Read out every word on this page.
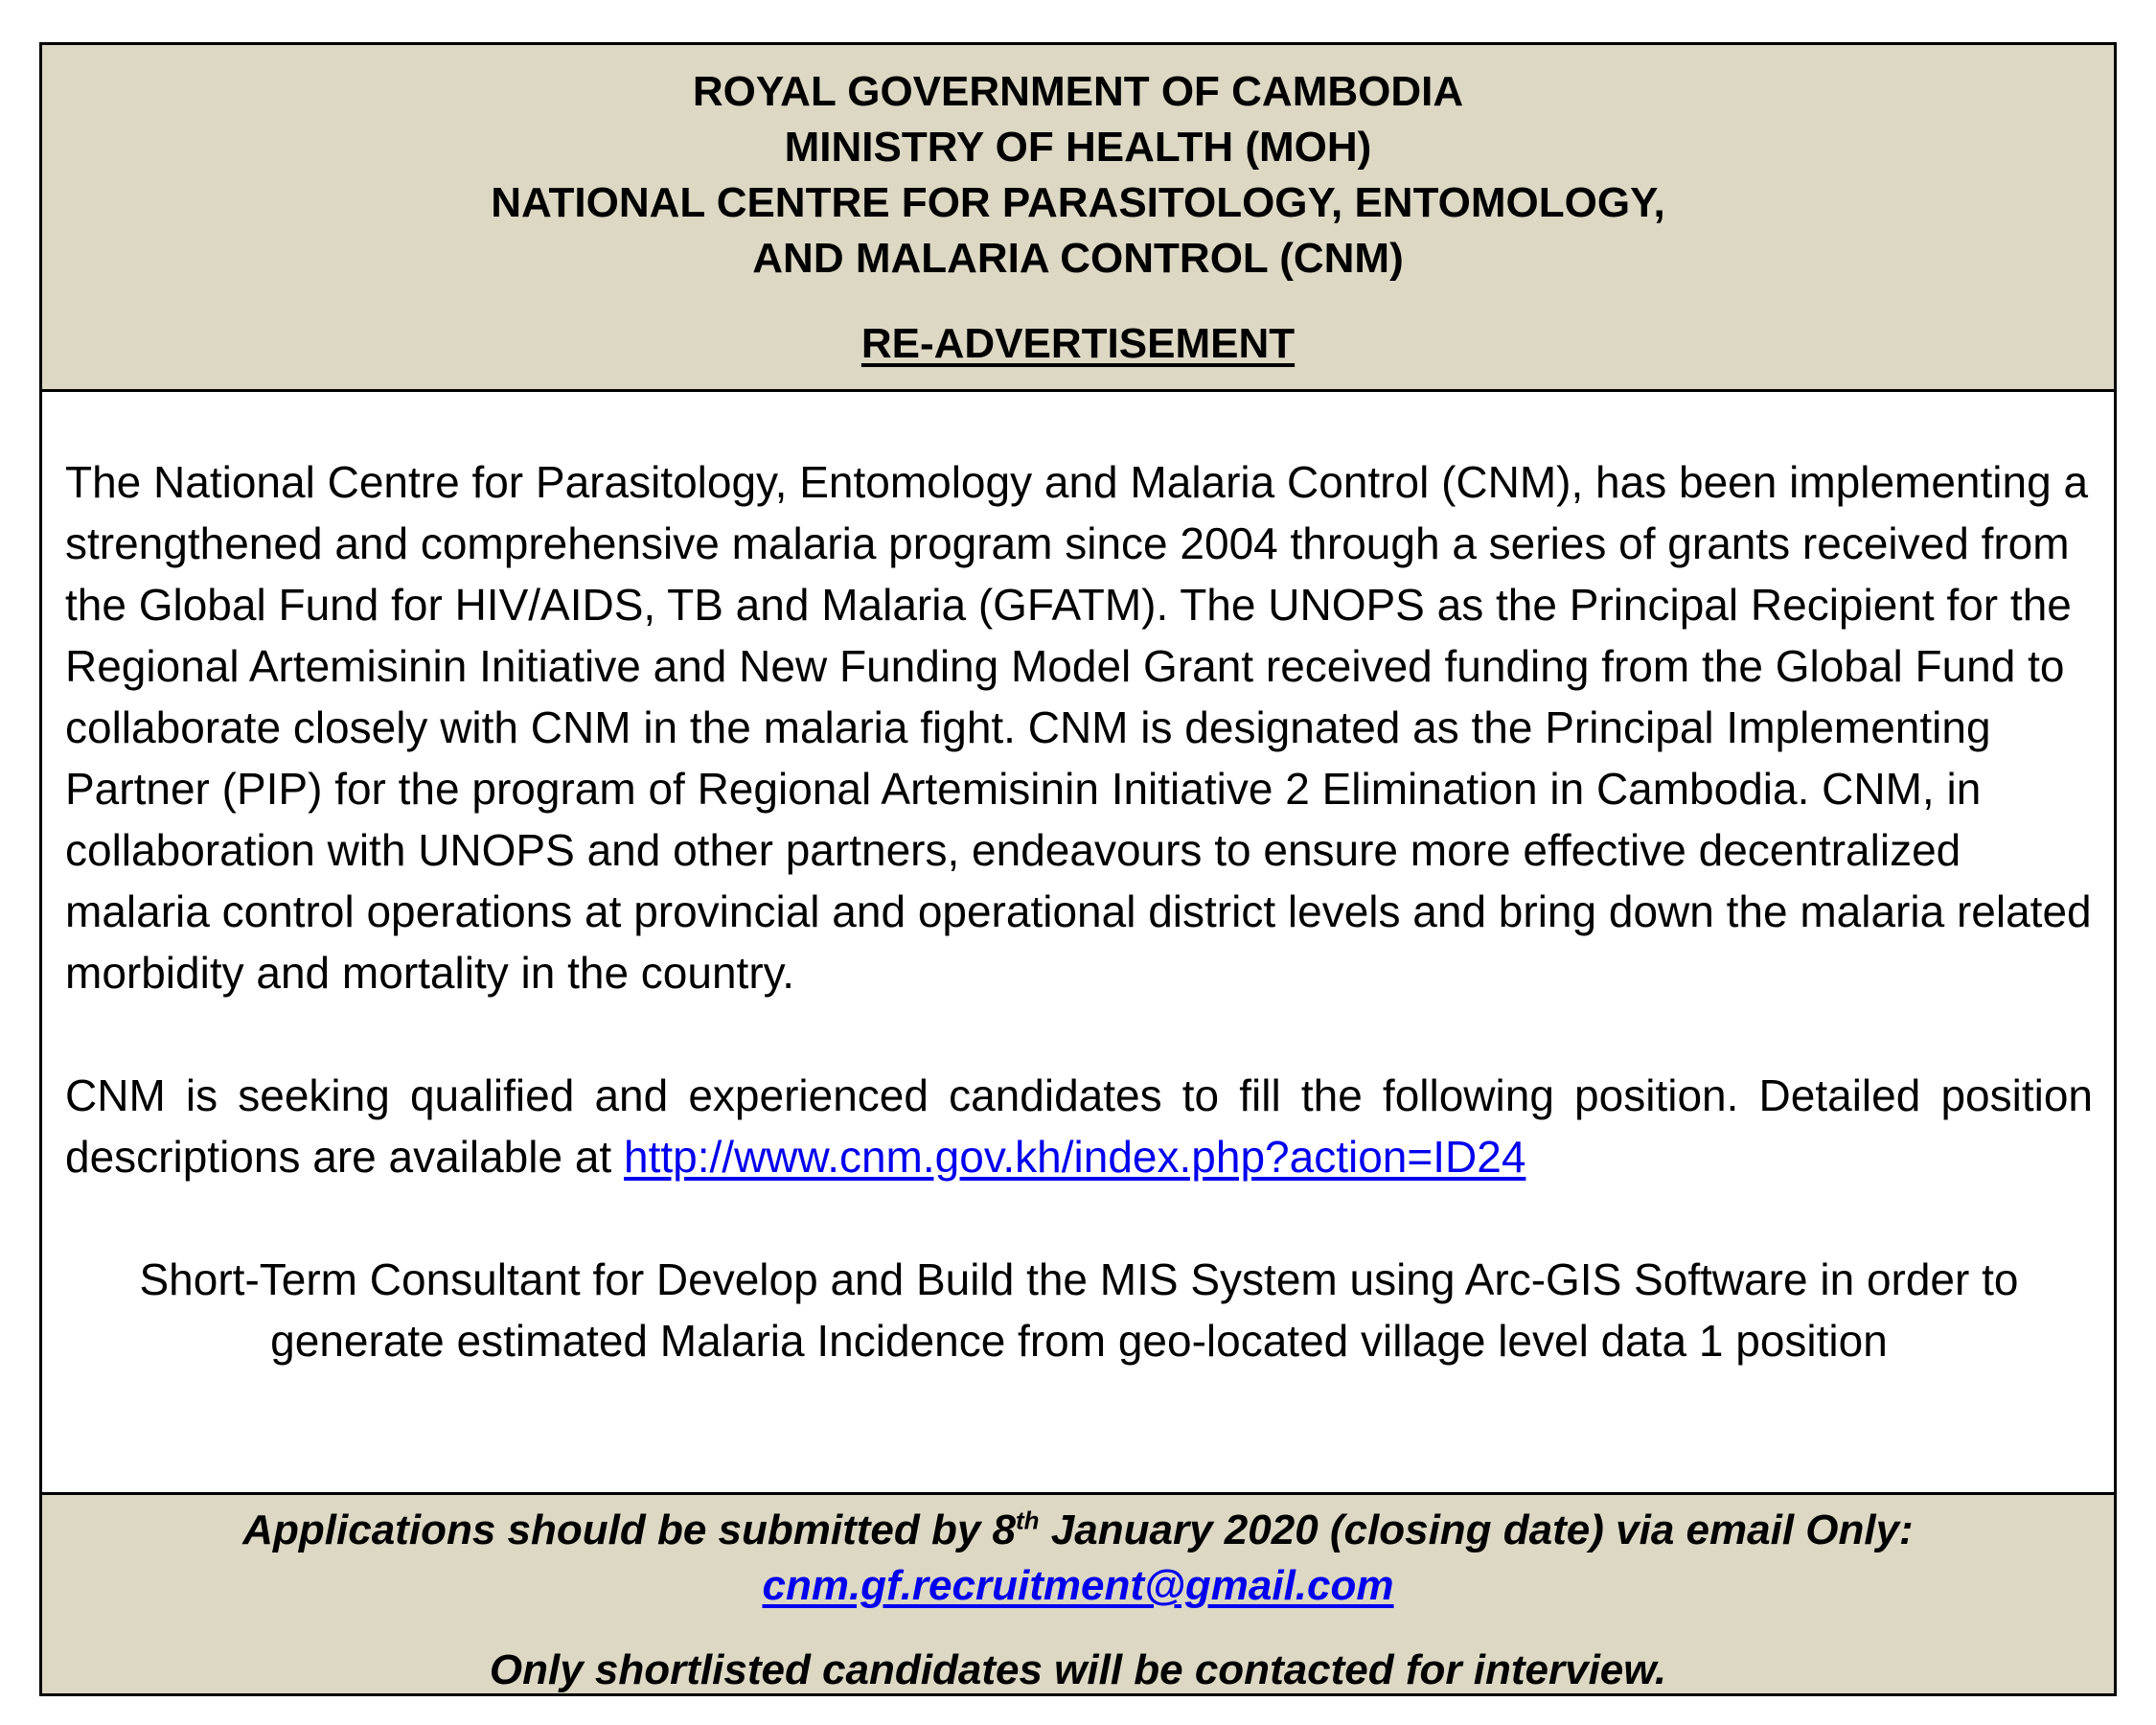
ROYAL GOVERNMENT OF CAMBODIA
MINISTRY OF HEALTH (MOH)
NATIONAL CENTRE FOR PARASITOLOGY, ENTOMOLOGY,
AND MALARIA CONTROL (CNM)
RE-ADVERTISEMENT

The National Centre for Parasitology, Entomology and Malaria Control (CNM), has been implementing a strengthened and comprehensive malaria program since 2004 through a series of grants received from the Global Fund for HIV/AIDS, TB and Malaria (GFATM). The UNOPS as the Principal Recipient for the Regional Artemisinin Initiative and New Funding Model Grant received funding from the Global Fund to collaborate closely with CNM in the malaria fight. CNM is designated as the Principal Implementing Partner (PIP) for the program of Regional Artemisinin Initiative 2 Elimination in Cambodia. CNM, in collaboration with UNOPS and other partners, endeavours to ensure more effective decentralized malaria control operations at provincial and operational district levels and bring down the malaria related morbidity and mortality in the country.

CNM is seeking qualified and experienced candidates to fill the following position. Detailed position descriptions are available at http://www.cnm.gov.kh/index.php?action=ID24

Short-Term Consultant for Develop and Build the MIS System using Arc-GIS Software in order to generate estimated Malaria Incidence from geo-located village level data 1 position

Applications should be submitted by 8th January 2020 (closing date) via email Only:
cnm.gf.recruitment@gmail.com
Only shortlisted candidates will be contacted for interview.
